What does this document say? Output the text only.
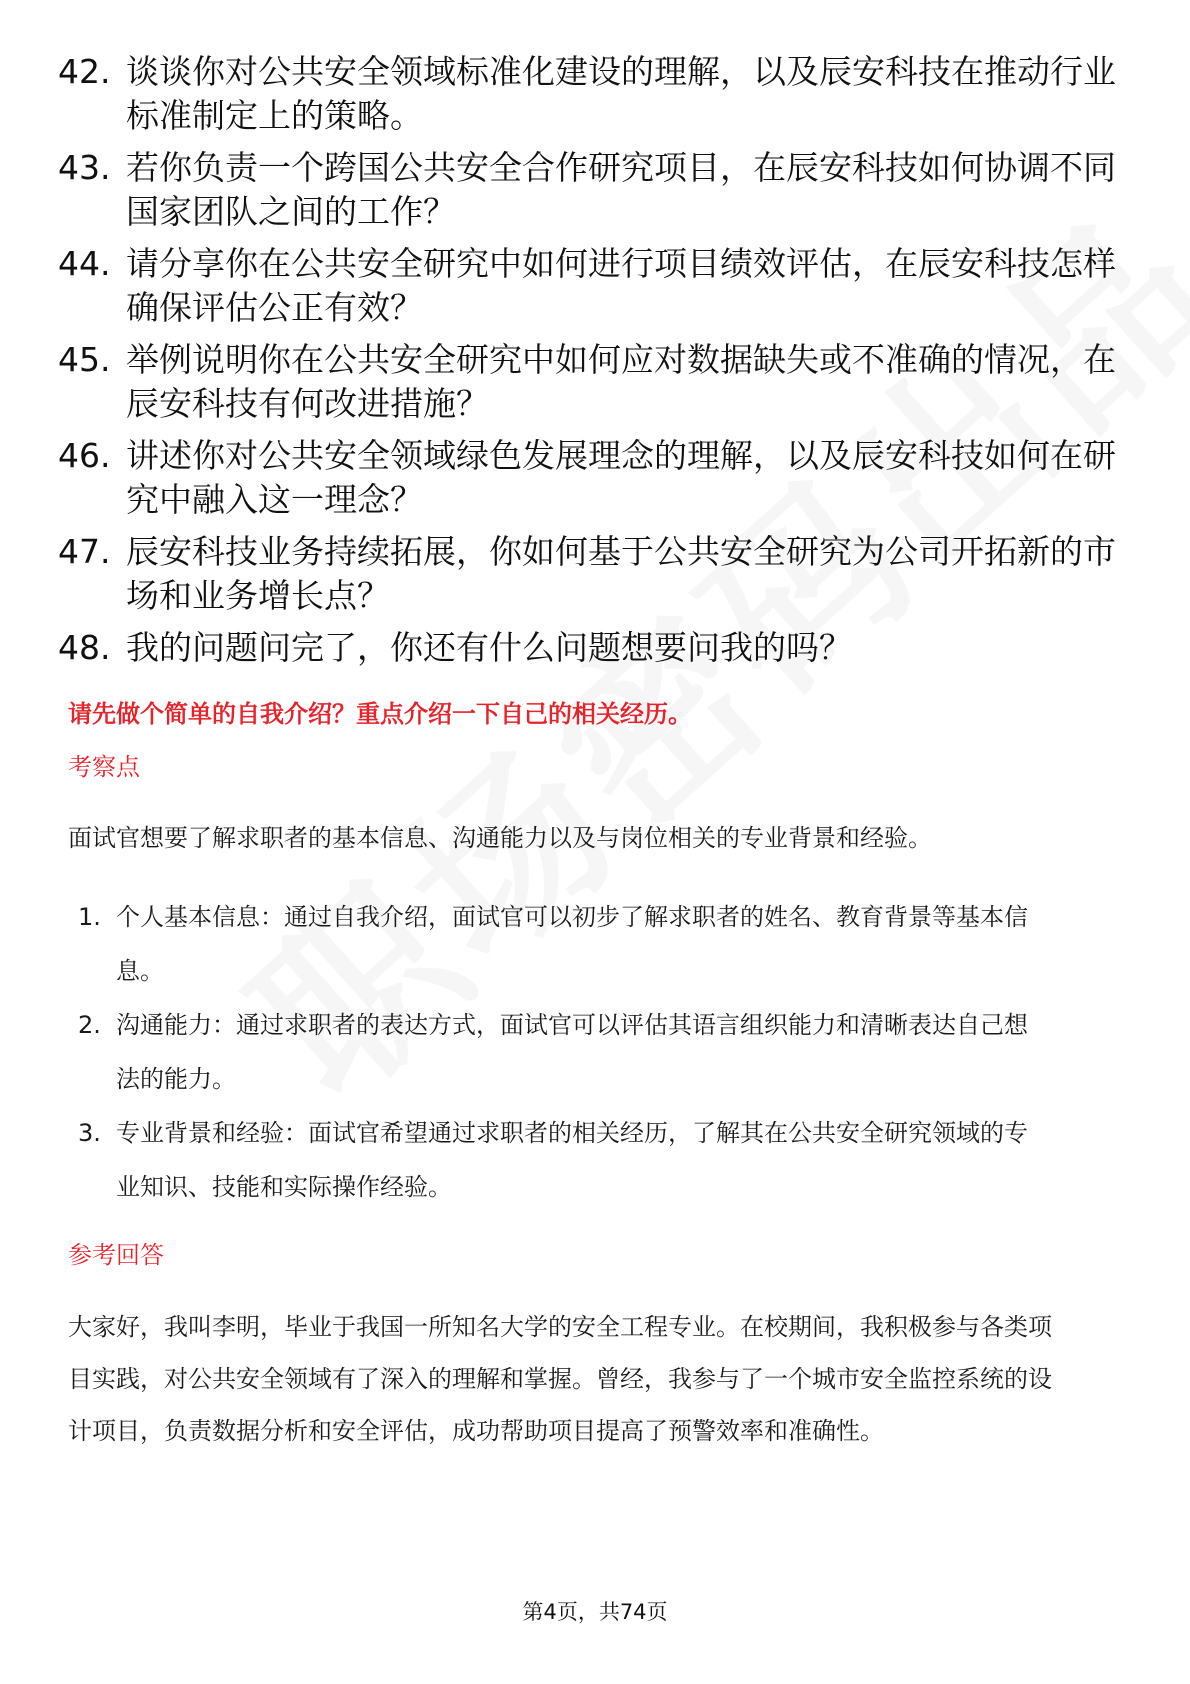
42. 谈谈你对公共安全领域标准化建设的理解，以及辰安科技在推动行业标准制定上的策略。
43. 若你负责一个跨国公共安全合作研究项目，在辰安科技如何协调不同国家团队之间的工作？
44. 请分享你在公共安全研究中如何进行项目绩效评估，在辰安科技怎样确保评估公正有效？
45. 举例说明你在公共安全研究中如何应对数据缺失或不准确的情况，在辰安科技有何改进措施？
46. 讲述你对公共安全领域绿色发展理念的理解，以及辰安科技如何在研究中融入这一理念？
47. 辰安科技业务持续拓展，你如何基于公共安全研究为公司开拓新的市场和业务增长点？
48. 我的问题问完了，你还有什么问题想要问我的吗？
请先做个简单的自我介绍？重点介绍一下自己的相关经历。
考察点
面试官想要了解求职者的基本信息、沟通能力以及与岗位相关的专业背景和经验。
1. 个人基本信息：通过自我介绍，面试官可以初步了解求职者的姓名、教育背景等基本信息。
2. 沟通能力：通过求职者的表达方式，面试官可以评估其语言组织能力和清晰表达自己想法的能力。
3. 专业背景和经验：面试官希望通过求职者的相关经历，了解其在公共安全研究领域的专业知识、技能和实际操作经验。
参考回答
大家好，我叫李明，毕业于我国一所知名大学的安全工程专业。在校期间，我积极参与各类项目实践，对公共安全领域有了深入的理解和掌握。曾经，我参与了一个城市安全监控系统的设计项目，负责数据分析和安全评估，成功帮助项目提高了预警效率和准确性。
第4页，共74页
